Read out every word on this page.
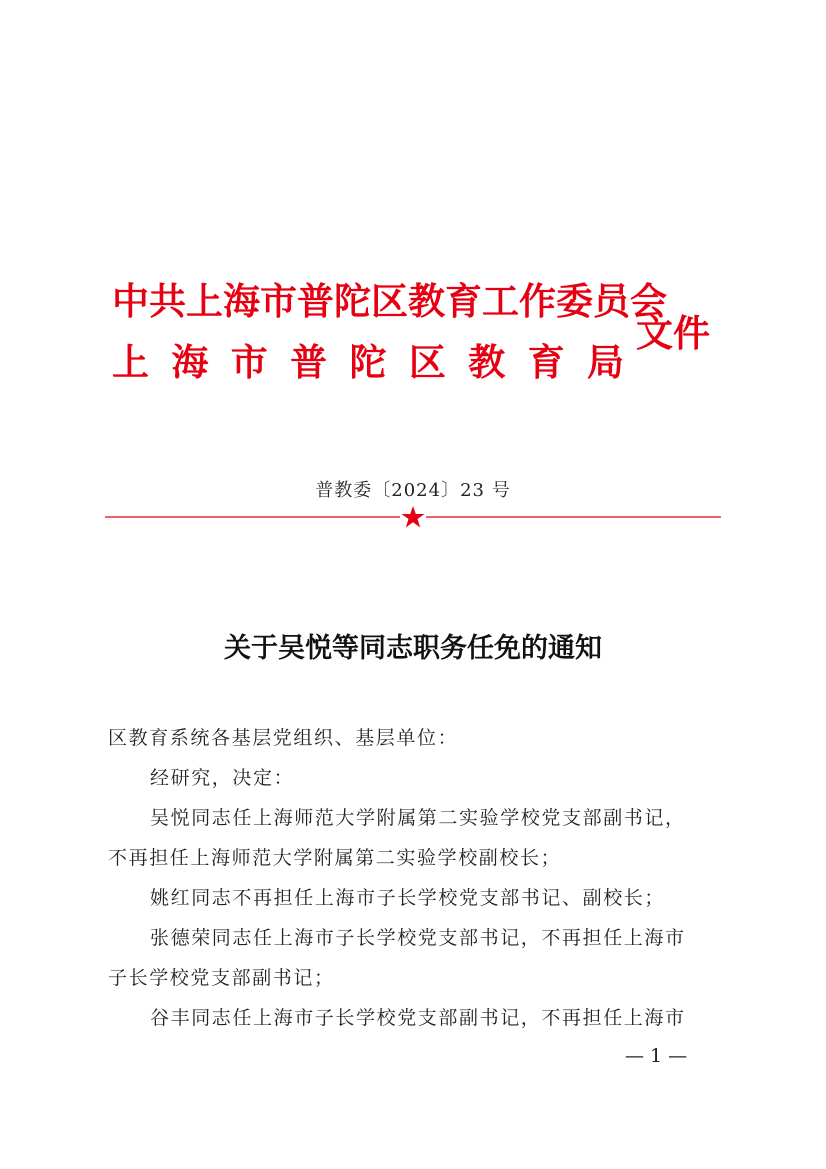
中共上海市普陀区教育工作委员会
上 海 市 普 陀 区 教 育 局
文件
普教委〔2024〕23 号
关于吴悦等同志职务任免的通知
区教育系统各基层党组织、基层单位：
经研究，决定：
吴悦同志任上海师范大学附属第二实验学校党支部副书记，
不再担任上海师范大学附属第二实验学校副校长；
姚红同志不再担任上海市子长学校党支部书记、副校长；
张德荣同志任上海市子长学校党支部书记，不再担任上海市
子长学校党支部副书记；
谷丰同志任上海市子长学校党支部副书记，不再担任上海市
— 1 —
